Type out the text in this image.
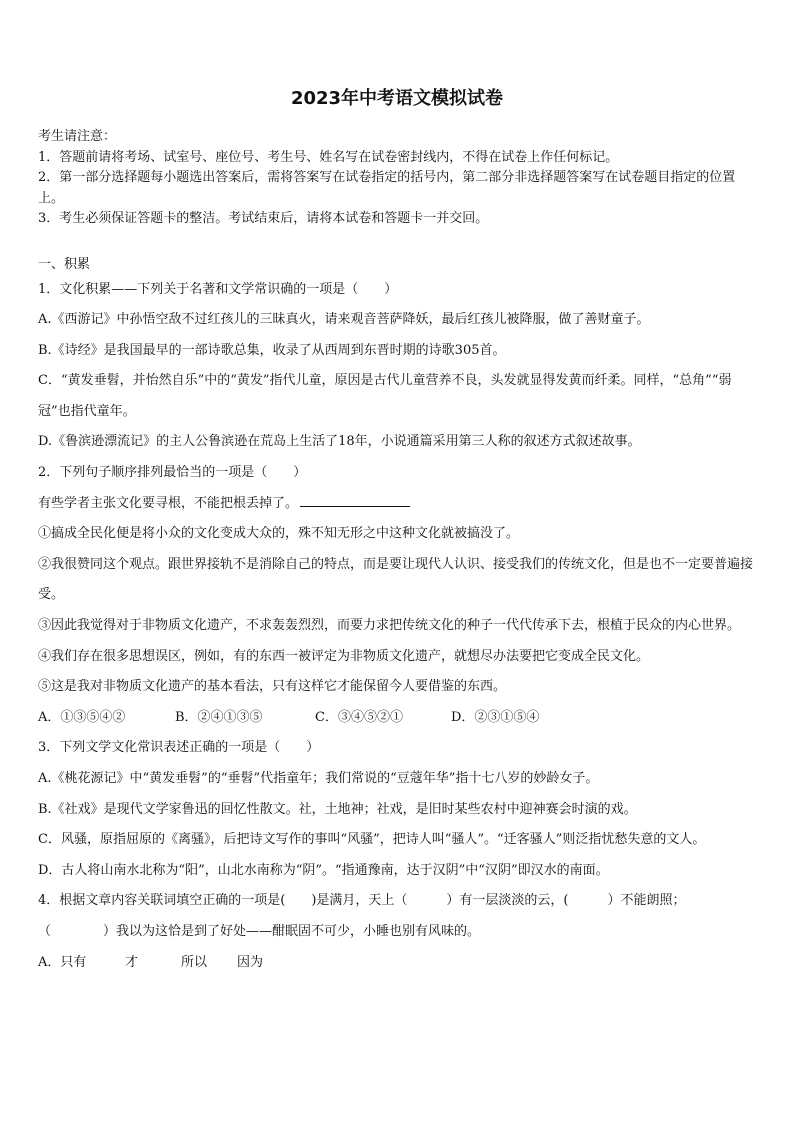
2023年中考语文模拟试卷

考生请注意：

1．答题前请将考场、试室号、座位号、考生号、姓名写在试卷密封线内，不得在试卷上作任何标记。

2．第一部分选择题每小题选出答案后，需将答案写在试卷指定的括号内，第二部分非选择题答案写在试卷题目指定的位置上。

3．考生必须保证答题卡的整洁。考试结束后，请将本试卷和答题卡一并交回。

一、积累

1．文化积累——下列关于名著和文学常识确的一项是（　　）

A.《西游记》中孙悟空敌不过红孩儿的三昧真火，请来观音菩萨降妖，最后红孩儿被降服，做了善财童子。

B.《诗经》是我国最早的一部诗歌总集，收录了从西周到东晋时期的诗歌305首。

C．“黄发垂髫，并怡然自乐”中的“黄发”指代儿童，原因是古代儿童营养不良，头发就显得发黄而纤柔。同样，“总角”“弱冠”也指代童年。

D.《鲁滨逊漂流记》的主人公鲁滨逊在荒岛上生活了18年，小说通篇采用第三人称的叙述方式叙述故事。

2．下列句子顺序排列最恰当的一项是（　　）

有些学者主张文化要寻根，不能把根丢掉了。

①搞成全民化便是将小众的文化变成大众的，殊不知无形之中这种文化就被搞没了。

②我很赞同这个观点。跟世界接轨不是消除自己的特点，而是要让现代人认识、接受我们的传统文化，但是也不一定要普遍接受。

③因此我觉得对于非物质文化遗产，不求轰轰烈烈，而要力求把传统文化的种子一代代传承下去，根植于民众的内心世界。

④我们存在很多思想误区，例如，有的东西一被评定为非物质文化遗产，就想尽办法要把它变成全民文化。

⑤这是我对非物质文化遗产的基本看法，只有这样它才能保留今人要借鉴的东西。

A．①③⑤④②	B．②④①③⑤	C．③④⑤②①	D．②③①⑤④

3．下列文学文化常识表述正确的一项是（　　）

A.《桃花源记》中“黄发垂髫”的“垂髫”代指童年；我们常说的“豆蔻年华”指十七八岁的妙龄女子。

B.《社戏》是现代文学家鲁迅的回忆性散文。社，土地神；社戏，是旧时某些农村中迎神赛会时演的戏。

C．风骚，原指屈原的《离骚》，后把诗文写作的事叫“风骚”，把诗人叫“骚人”。“迁客骚人”则泛指忧愁失意的文人。

D．古人将山南水北称为“阳”，山北水南称为“阴”。“指通豫南，达于汉阴”中“汉阴”即汉水的南面。

4．根据文章内容关联词填空正确的一项是(　　)是满月，天上（　　　）有一层淡淡的云，(　　　）不能朗照；

（　　　　）我以为这恰是到了好处——酣眠固不可少，小睡也别有风味的。

A．只有	才	所以 因为
